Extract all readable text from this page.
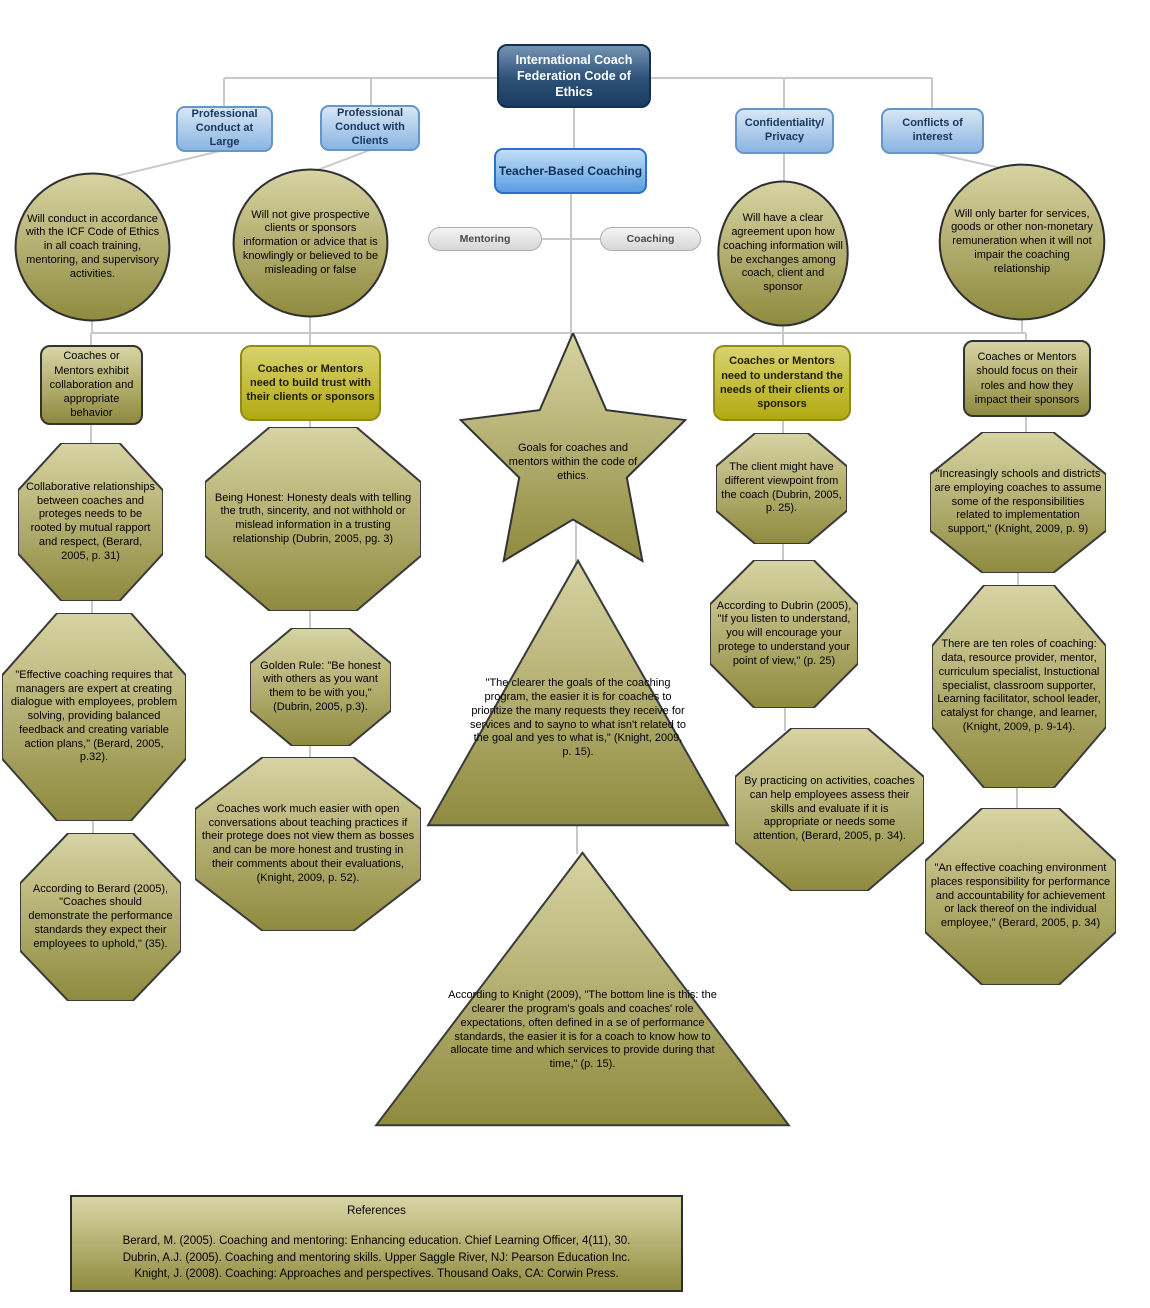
International Coach Federation Code of Ethics
Professional Conduct at Large
Professional Conduct with Clients
Confidentiality/ Privacy
Conflicts of interest
Teacher-Based Coaching
Mentoring	Coaching
Will conduct in accordance with the ICF Code of Ethics in all coach training, mentoring, and supervisory activities.
Will not give prospective clients or sponsors information or advice that is knowlingly or believed to be misleading or false
Will have a clear agreement upon how coaching information will be exchanges among coach, client and sponsor
Will only barter for services, goods or other non-monetary remuneration when it will not impair the coaching relationship
Coaches or Mentors exhibit collaboration and appropriate behavior
Coaches or Mentors need to build trust with their clients or sponsors
Coaches or Mentors need to understand the needs of their clients or sponsors
Coaches or Mentors should focus on their roles and how they impact their sponsors
Goals for coaches and mentors within the code of ethics.
Collaborative relationships between coaches and proteges needs to be rooted by mutual rapport and respect, (Berard, 2005, p. 31)
"Effective coaching requires that managers are expert at creating dialogue with employees, problem solving, providing balanced feedback and creating variable action plans," (Berard, 2005, p.32).
According to Berard (2005), "Coaches should demonstrate the performance standards they expect their employees to uphold," (35).
Being Honest: Honesty deals with telling the truth, sincerity, and not withhold or mislead information in a trusting relationship (Dubrin, 2005, pg. 3)
Golden Rule: "Be honest with others as you want them to be with you," (Dubrin, 2005, p.3).
Coaches work much easier with open conversations about teaching practices if their protege does not view them as bosses and can be more honest and trusting in their comments about their evaluations, (Knight, 2009, p. 52).
The client might have different viewpoint from the coach (Dubrin, 2005, p. 25).
According to Dubrin (2005), "If you listen to understand, you will encourage your protege to understand your point of view," (p. 25)
By practicing on activities, coaches can help employees assess their skills and evaluate if it is appropriate or needs some attention, (Berard, 2005, p. 34).
"Increasingly schools and districts are employing coaches to assume some of the responsibilities related to implementation support," (Knight, 2009, p. 9)
There are ten roles of coaching: data, resource provider, mentor, curriculum specialist, Instuctional specialist, classroom supporter, Learning facilitator, school leader, catalyst for change, and learner, (Knight, 2009, p. 9-14).
"An effective coaching environment places responsibility for performance and accountability for achievement or lack thereof on the individual employee," (Berard, 2005, p. 34)
"The clearer the goals of the coaching program, the easier it is for coaches to prioritize the many requests they receive for services and to sayno to what isn't related to the goal and yes to what is," (Knight, 2009, p. 15).
According to Knight (2009), "The bottom line is this: the clearer the program's goals and coaches' role expectations, often defined in a se of performance standards, the easier it is for a coach to know how to allocate time and which services to provide during that time," (p. 15).
References
Berard, M. (2005). Coaching and mentoring: Enhancing education. Chief Learning Officer, 4(11), 30.
Dubrin, A.J. (2005). Coaching and mentoring skills. Upper Saggle River, NJ: Pearson Education Inc.
Knight, J. (2008). Coaching: Approaches and perspectives. Thousand Oaks, CA: Corwin Press.
